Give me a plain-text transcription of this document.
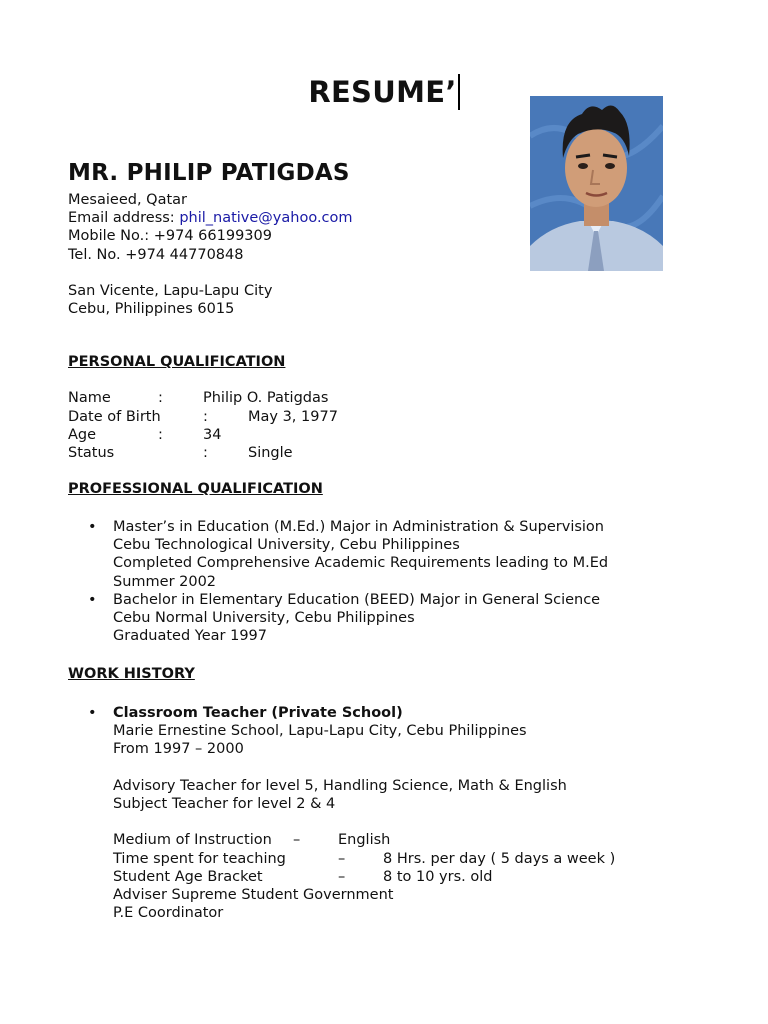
RESUME’
MR. PHILIP PATIGDAS
Mesaieed, Qatar
Email address: phil_native@yahoo.com
Mobile No.: +974 66199309
Tel. No. +974 44770848
San Vicente, Lapu-Lapu City
Cebu, Philippines 6015
PERSONAL QUALIFICATION
Name	:	Philip O. Patigdas
Date of Birth	:	May 3, 1977
Age	:	34
Status	:	Single
PROFESSIONAL QUALIFICATION
• Master’s in Education (M.Ed.) Major in Administration & Supervision
Cebu Technological University, Cebu Philippines
Completed Comprehensive Academic Requirements leading to M.Ed
Summer 2002
• Bachelor in Elementary Education (BEED) Major in General Science
Cebu Normal University, Cebu Philippines
Graduated Year 1997
WORK HISTORY
• Classroom Teacher (Private School)
Marie Ernestine School, Lapu-Lapu City, Cebu Philippines
From 1997 – 2000
Advisory Teacher for level 5, Handling Science, Math & English
Subject Teacher for level 2 & 4
Medium of Instruction –	English
Time spent for teaching	–	8 Hrs. per day ( 5 days a week )
Student Age Bracket	–	8 to 10 yrs. old
Adviser Supreme Student Government
P.E Coordinator
